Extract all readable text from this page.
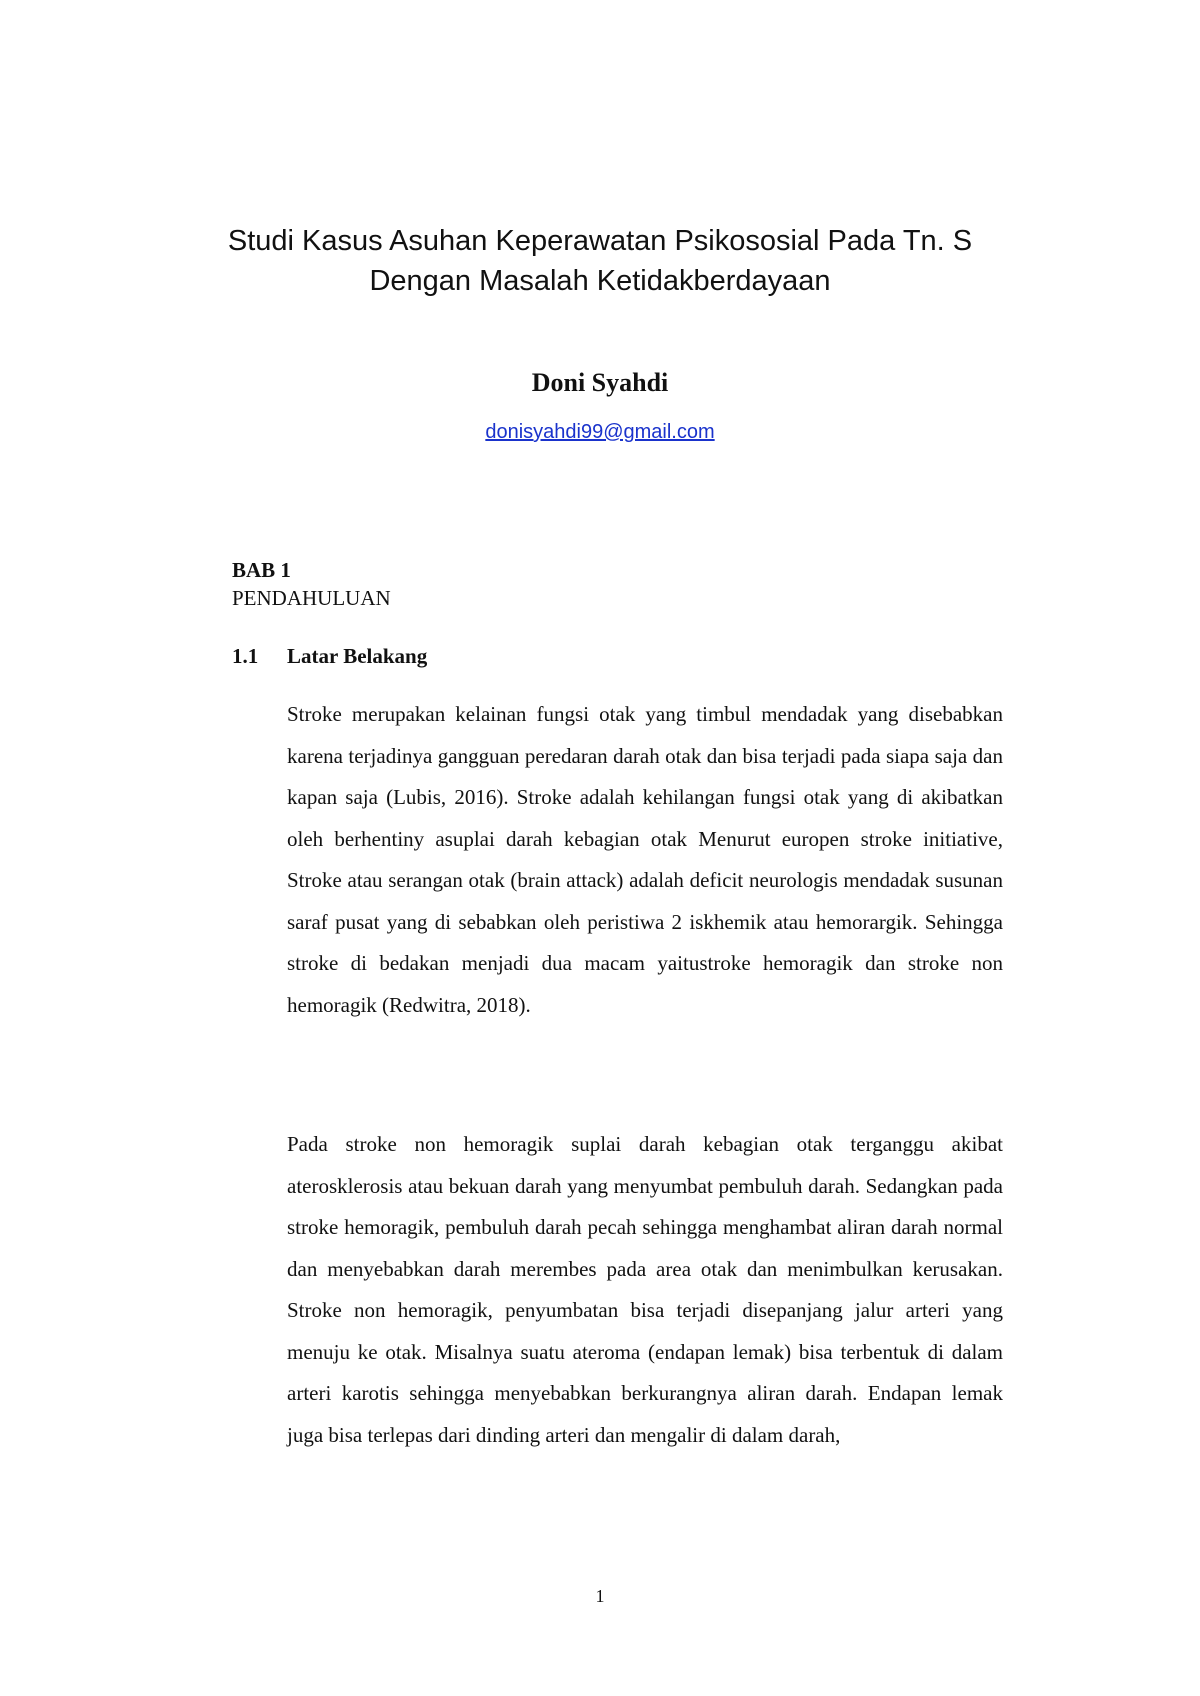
Studi Kasus Asuhan Keperawatan Psikososial Pada Tn. S
Dengan Masalah Ketidakberdayaan
Doni Syahdi
donisyahdi99@gmail.com
BAB 1
PENDAHULUAN
1.1 Latar Belakang

Stroke merupakan kelainan fungsi otak yang timbul mendadak yang disebabkan karena terjadinya gangguan peredaran darah otak dan bisa terjadi pada siapa saja dan kapan saja (Lubis, 2016). Stroke adalah kehilangan fungsi otak yang di akibatkan oleh berhentiny asuplai darah kebagian otak Menurut europen stroke initiative, Stroke atau serangan otak (brain attack) adalah deficit neurologis mendadak susunan saraf pusat yang di sebabkan oleh peristiwa 2 iskhemik atau hemorargik. Sehingga stroke di bedakan menjadi dua macam yaitustroke hemoragik dan stroke non hemoragik (Redwitra, 2018).

Pada stroke non hemoragik suplai darah kebagian otak terganggu akibat aterosklerosis atau bekuan darah yang menyumbat pembuluh darah. Sedangkan pada stroke hemoragik, pembuluh darah pecah sehingga menghambat aliran darah normal dan menyebabkan darah merembes pada area otak dan menimbulkan kerusakan. Stroke non hemoragik, penyumbatan bisa terjadi disepanjang jalur arteri yang menuju ke otak. Misalnya suatu ateroma (endapan lemak) bisa terbentuk di dalam arteri karotis sehingga menyebabkan berkurangnya aliran darah. Endapan lemak juga bisa terlepas dari dinding arteri dan mengalir di dalam darah,

1
